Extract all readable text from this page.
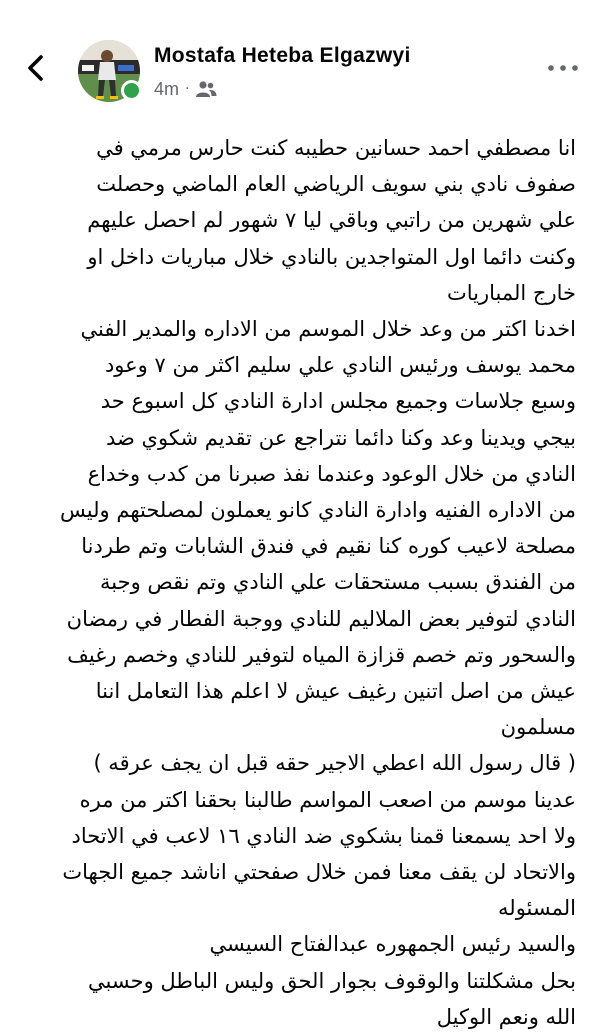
Mostafa Heteba Elgazwyi
4m ·

انا مصطفي احمد حسانين حطيبه كنت حارس مرمي في صفوف نادي بني سويف الرياضي العام الماضي وحصلت علي شهرين من راتبي وباقي ليا ٧ شهور لم احصل عليهم وكنت دائما اول المتواجدين بالنادي خلال مباريات داخل او خارج المباريات

اخدنا اكتر من وعد خلال الموسم من الاداره والمدير الفني محمد يوسف ورئيس النادي علي سليم اكثر من ٧ وعود وسبع جلاسات وجميع مجلس ادارة النادي كل اسبوع حد بيجي ويدينا وعد وكنا دائما نتراجع عن تقديم شكوي ضد النادي من خلال الوعود وعندما نفذ صبرنا من كدب وخداع من الاداره الفنيه وادارة النادي كانو يعملون لمصلحتهم وليس مصلحة لاعيب كوره كنا نقيم في فندق الشابات وتم طردنا من الفندق بسبب مستحقات علي النادي وتم نقص وجبة النادي لتوفير بعض الملاليم للنادي ووجبة الفطار في رمضان والسحور وتم خصم قزازة المياه لتوفير للنادي وخصم رغيف عيش من اصل اتنين رغيف عيش لا اعلم هذا التعامل اننا مسلمون

( قال رسول الله اعطي الاجير حقه قبل ان يجف عرقه )

عدينا موسم من اصعب المواسم طالبنا بحقنا اكتر من مره ولا احد يسمعنا قمنا بشكوي ضد النادي ١٦ لاعب في الاتحاد والاتحاد لن يقف معنا فمن خلال صفحتي اناشد جميع الجهات المسئوله

والسيد رئيس الجمهوره عبدالفتاح السيسي

بحل مشكلتنا والوقوف بجوار الحق وليس الباطل وحسبي الله ونعم الوكيل
